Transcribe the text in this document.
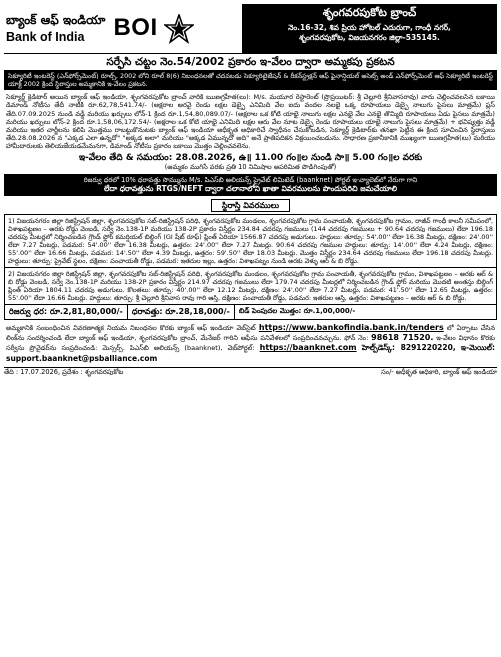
బ్యాంక్ ఆఫ్ ఇండియా
Bank of India	BOI
శృంగవరపుకోట బ్రాంచ్
నెం.16-32, శివ ప్రియ హోటల్ ఎదురుగా, గాంధీ నగర్,
శృంగవరపుకోట, విజయనగరం జిల్లా-535145.
సర్ఫేసి చట్టం నెం.54/2002 ప్రకారం ఇ-వేలం ద్వారా అమ్మకపు ప్రకటన
సెక్యూరిటీ ఇంటరెస్ట్ (ఎన్‌ఫోర్స్‌మెంట్) రూల్స్, 2002 లోని రూల్ 8(6) నిబంధనలతో చదవబడు సెక్యూరిటైజేషన్ & రీకన్‌స్ట్రక్షన్ ఆఫ్ ఫైనాన్షియల్ అసెట్స్ అండ్ ఎన్‌ఫోర్స్‌మెంట్ ఆఫ్ సెక్యూరిటీ ఇంటరెస్ట్ యాక్ట్ 2002 క్రింద స్థిరాస్తుల అమ్మకానికి ఇ-వేలం ప్రకటన.
సెక్యూర్డ్ క్రెడిటార్ అయిన బ్యాంక్ ఆఫ్ ఇండియా, శృంగవరపుకోట బ్రాంచ్ వారికి ఋణగ్రహీత(లు): M/s. మయూర రెస్టారెంట్ (ప్రొప్రయిటర్: శ్రీ చెల్లూరి శ్రీనివాసరావు) వారు చెల్లించవలసిన బకాయి డిమాండ్ నోటీసు తేదీ నాటికి రూ.62,78,541.74/- (అక్షరాల అరవై రెండు లక్షల డెబ్బై ఎనిమిది వేల ఐదు వందల నలభై ఒక్క రూపాయలు డెబ్బై నాలుగు పైసలు మాత్రమే) ప్లస్ తేది.07.09.2025 నుండి వడ్డీ మరియు ఖర్చులు లోన్-1 క్రింద రూ.1,54,80,089.07/- (అక్షరాల ఒక కోటి యాభై నాలుగు లక్షల ఎనభై వేల ఎనభై తొమ్మిది రూపాయలు ఏడు పైసలు మాత్రమే) మరియు ఖర్చులు లోన్-2 క్రింద రూ.1,58,06,172.54/- (అక్షరాల ఒక కోటి యాభై ఎనిమిది లక్షల ఆరు వేల నూట డెబ్బై రెండు రూపాయలు యాభై నాలుగు పైసలు మాత్రమే) + భవిష్యత్తు వడ్డీ మరియు ఇతర చార్జీలను కలిపి మొత్తము రాబట్టుకొనుటకు బ్యాంక్ ఆఫ్ ఇండియా అధీకృత అధికారిచే స్వాధీనం చేసుకోబడిన, సెక్యూర్డ్ క్రెడిటార్‌కు తనఖా పెట్టిన ఈ క్రింద సూచించిన స్థిరాస్తులు తేది.28.08.2026 న "ఎక్కడ ఎలా ఉన్నదో" "అక్కడ అలా" మరియు "అక్కడ ఏమున్నదో అది" అనే ప్రాతిపదికన విక్రయించబడును. సాధారణ ప్రజానీకానికి ముఖ్యంగా ఋణగ్రహీత(లు) మరియు హామీదారులకు తెలియజేయడమేమనగా, డిమాండ్ నోటీసు ప్రకారం బకాయి మొత్తం చెల్లించవలెను.
ఇ-వేలం తేది & సమయం: 28.08.2026, ఉ॥ 11.00 గం॥ల నుండి సా॥ 5.00 గం॥ల వరకు
(అమ్మకం ముగిసే వరకు ప్రతి 10 నిమిషాల అపరిమిత పొడిగింపుతో)
రిజర్వు ధరలో 10% ధరావత్తు సొమ్మును M/s. పిఎస్‌బి అలియన్స్ ప్రైవేట్ లిమిటెడ్ (baanknet) పోర్టల్ ఇ-వ్యాలెట్‌లో నేరుగా గాని
లేదా ధరావత్తును RTGS/NEFT ద్వారా చలానాలోని ఖాతా వివరములను పొందుపరిచి జమచేయాలి
స్థిరాస్తి వివరములు
1) విజయనగరం జిల్లా రిజిస్ట్రేషన్ జిల్లా, శృంగవరపుకోట సబ్-రిజిస్ట్రేషన్ పరిధి, శృంగవరపుకోట మండలం, శృంగవరపుకోట గ్రామ పంచాయతీ, శృంగవరపుకోట గ్రామం, రాజీవ్ గాంధీ కాలనీ సమీపంలో, విశాఖపట్టణం – అరకు రోడ్డు వెంబడి, సర్వే నెం.138-1P మరియు 138-2P ప్రకారం విస్తీర్ణం 234.84 చదరపు గజములు (144 చదరపు గజములు + 90.64 చదరపు గజములు) లేదా 196.18 చదరపు మీటర్లలో నిర్మించబడిన గ్రౌండ్ ఫ్లోర్ కమర్షియల్ బిల్డింగ్ (GI షీట్ రూఫ్) ప్లింత్ ఏరియా 1566.87 చదరపు అడుగులు. హద్దులు: తూర్పు: 54'.00'' లేదా 16.38 మీటర్లు, దక్షిణం: 24'.00'' లేదా 7.27 మీటర్లు, పడమర: 54'.00'' లేదా 16.38 మీటర్లు, ఉత్తరం: 24'.00'' లేదా 7.27 మీటర్లు. 90.64 చదరపు గజముల హద్దులు: తూర్పు: 14'.00'' లేదా 4.24 మీటర్లు, దక్షిణం: 55'.00'' లేదా 16.66 మీటర్లు, పడమర: 14'.50'' లేదా 4.39 మీటర్లు, ఉత్తరం: 59'.50'' లేదా 18.03 మీటర్లు. మొత్తం విస్తీర్ణం 234.64 చదరపు గజములు లేదా 196.18 చదరపు మీటర్లు. హద్దులు: తూర్పు: ప్రైవేట్ స్థలం, దక్షిణం: పంచాయతీ రోడ్డు, పడమర: ఇతరుల ఇల్లు, ఉత్తరం: విశాఖపట్నం నుండి అరకు వెళ్ళు ఆర్ & బి రోడ్డు.
2) విజయనగరం జిల్లా రిజిస్ట్రేషన్ జిల్లా, శృంగవరపుకోట సబ్-రిజిస్ట్రేషన్ పరిధి, శృంగవరపుకోట మండలం, శృంగవరపుకోట గ్రామ పంచాయతీ, శృంగవరపుకోట గ్రామం, విశాఖపట్టణం – అరకు ఆర్ & బి రోడ్డు వెంబడి, సర్వే నెం.138-1P మరియు 138-2P ప్రకారం విస్తీర్ణం 214.97 చదరపు గజములు లేదా 179.74 చదరపు మీటర్లలో నిర్మించబడిన గ్రౌండ్ ఫ్లోర్ మరియు మొదటి అంతస్తు బిల్డింగ్ ప్లింత్ ఏరియా 1804.11 చదరపు అడుగులు. కొలతలు: తూర్పు: 40'.00'' లేదా 12.12 మీటర్లు, దక్షిణం: 24'.00'' లేదా 7.27 మీటర్లు, పడమర: 41'.50'' లేదా 12.65 మీటర్లు, ఉత్తరం: 55'.00'' లేదా 16.66 మీటర్లు. హద్దులు: తూర్పు: శ్రీ చెల్లూరి శ్రీనివాస రావు గారి ఆస్తి, దక్షిణం: పంచాయతీ రోడ్డు, పడమర: ఇతరుల ఆస్తి, ఉత్తరం: విశాఖపట్టణం – అరకు ఆర్ & బి రోడ్డు.
రిజర్వు ధర: రూ.2,81,80,000/-	ధరావత్తు: రూ.28,18,000/-	బిడ్ పెంపుదల మొత్తం: రూ.1,00,000/-
అమ్మకానికి సంబంధించిన వివరణాత్మక నియమ నిబంధనల కొరకు బ్యాంక్ ఆఫ్ ఇండియా వెబ్‌సైట్ https://www.bankofindia.bank.in/tenders లో ఏర్పాటు చేసిన లింక్‌ను సందర్శించండి లేదా బ్యాంక్ ఆఫ్ ఇండియా, శృంగవరపుకోట బ్రాంచ్, మేనేజర్ గారిని ఆఫీసు పనివేళలలో సంప్రదించవచ్చును. ఫోన్ నెం: 98618 71520. ఇ-వేలం విధానం కొరకు సర్వీసు ప్రొవైడర్‌ను సంప్రదించండి: మెస్సర్స్. పిఎస్‌బి అలియన్స్ (baanknet), వెబ్‌పోర్టల్: https://baanknet.com హెల్ప్‌డెస్క్: 8291220220, ఇ-మెయిల్: support.baanknet@psballiance.com
తేది : 17.07.2026, ప్రదేశం : శృంగవరపుకోట	సం/- అధీకృత అధికారి, బ్యాంక్ ఆఫ్ ఇండియా
